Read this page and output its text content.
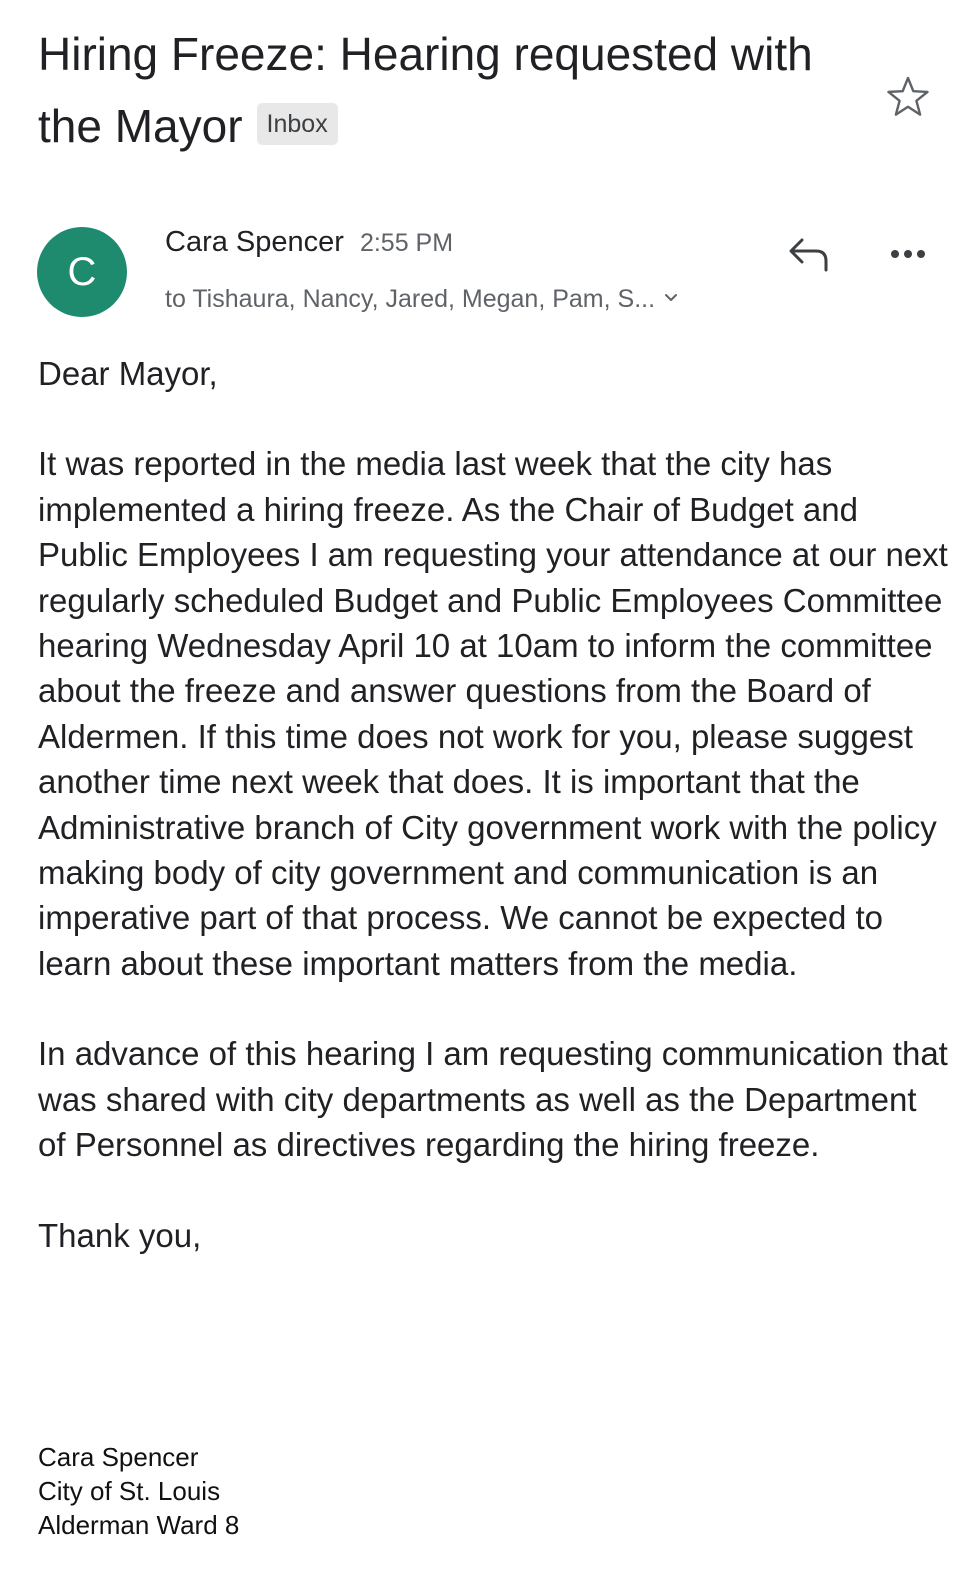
Hiring Freeze: Hearing requested with the Mayor Inbox
C
Cara Spencer 2:55 PM
to Tishaura, Nancy, Jared, Megan, Pam, S...

Dear Mayor,

It was reported in the media last week that the city has implemented a hiring freeze. As the Chair of Budget and Public Employees I am requesting your attendance at our next regularly scheduled Budget and Public Employees Committee hearing Wednesday April 10 at 10am to inform the committee about the freeze and answer questions from the Board of Aldermen. If this time does not work for you, please suggest another time next week that does. It is important that the Administrative branch of City government work with the policy making body of city government and communication is an imperative part of that process. We cannot be expected to learn about these important matters from the media.

In advance of this hearing I am requesting communication that was shared with city departments as well as the Department of Personnel as directives regarding the hiring freeze.

Thank you,

Cara Spencer
City of St. Louis
Alderman Ward 8
